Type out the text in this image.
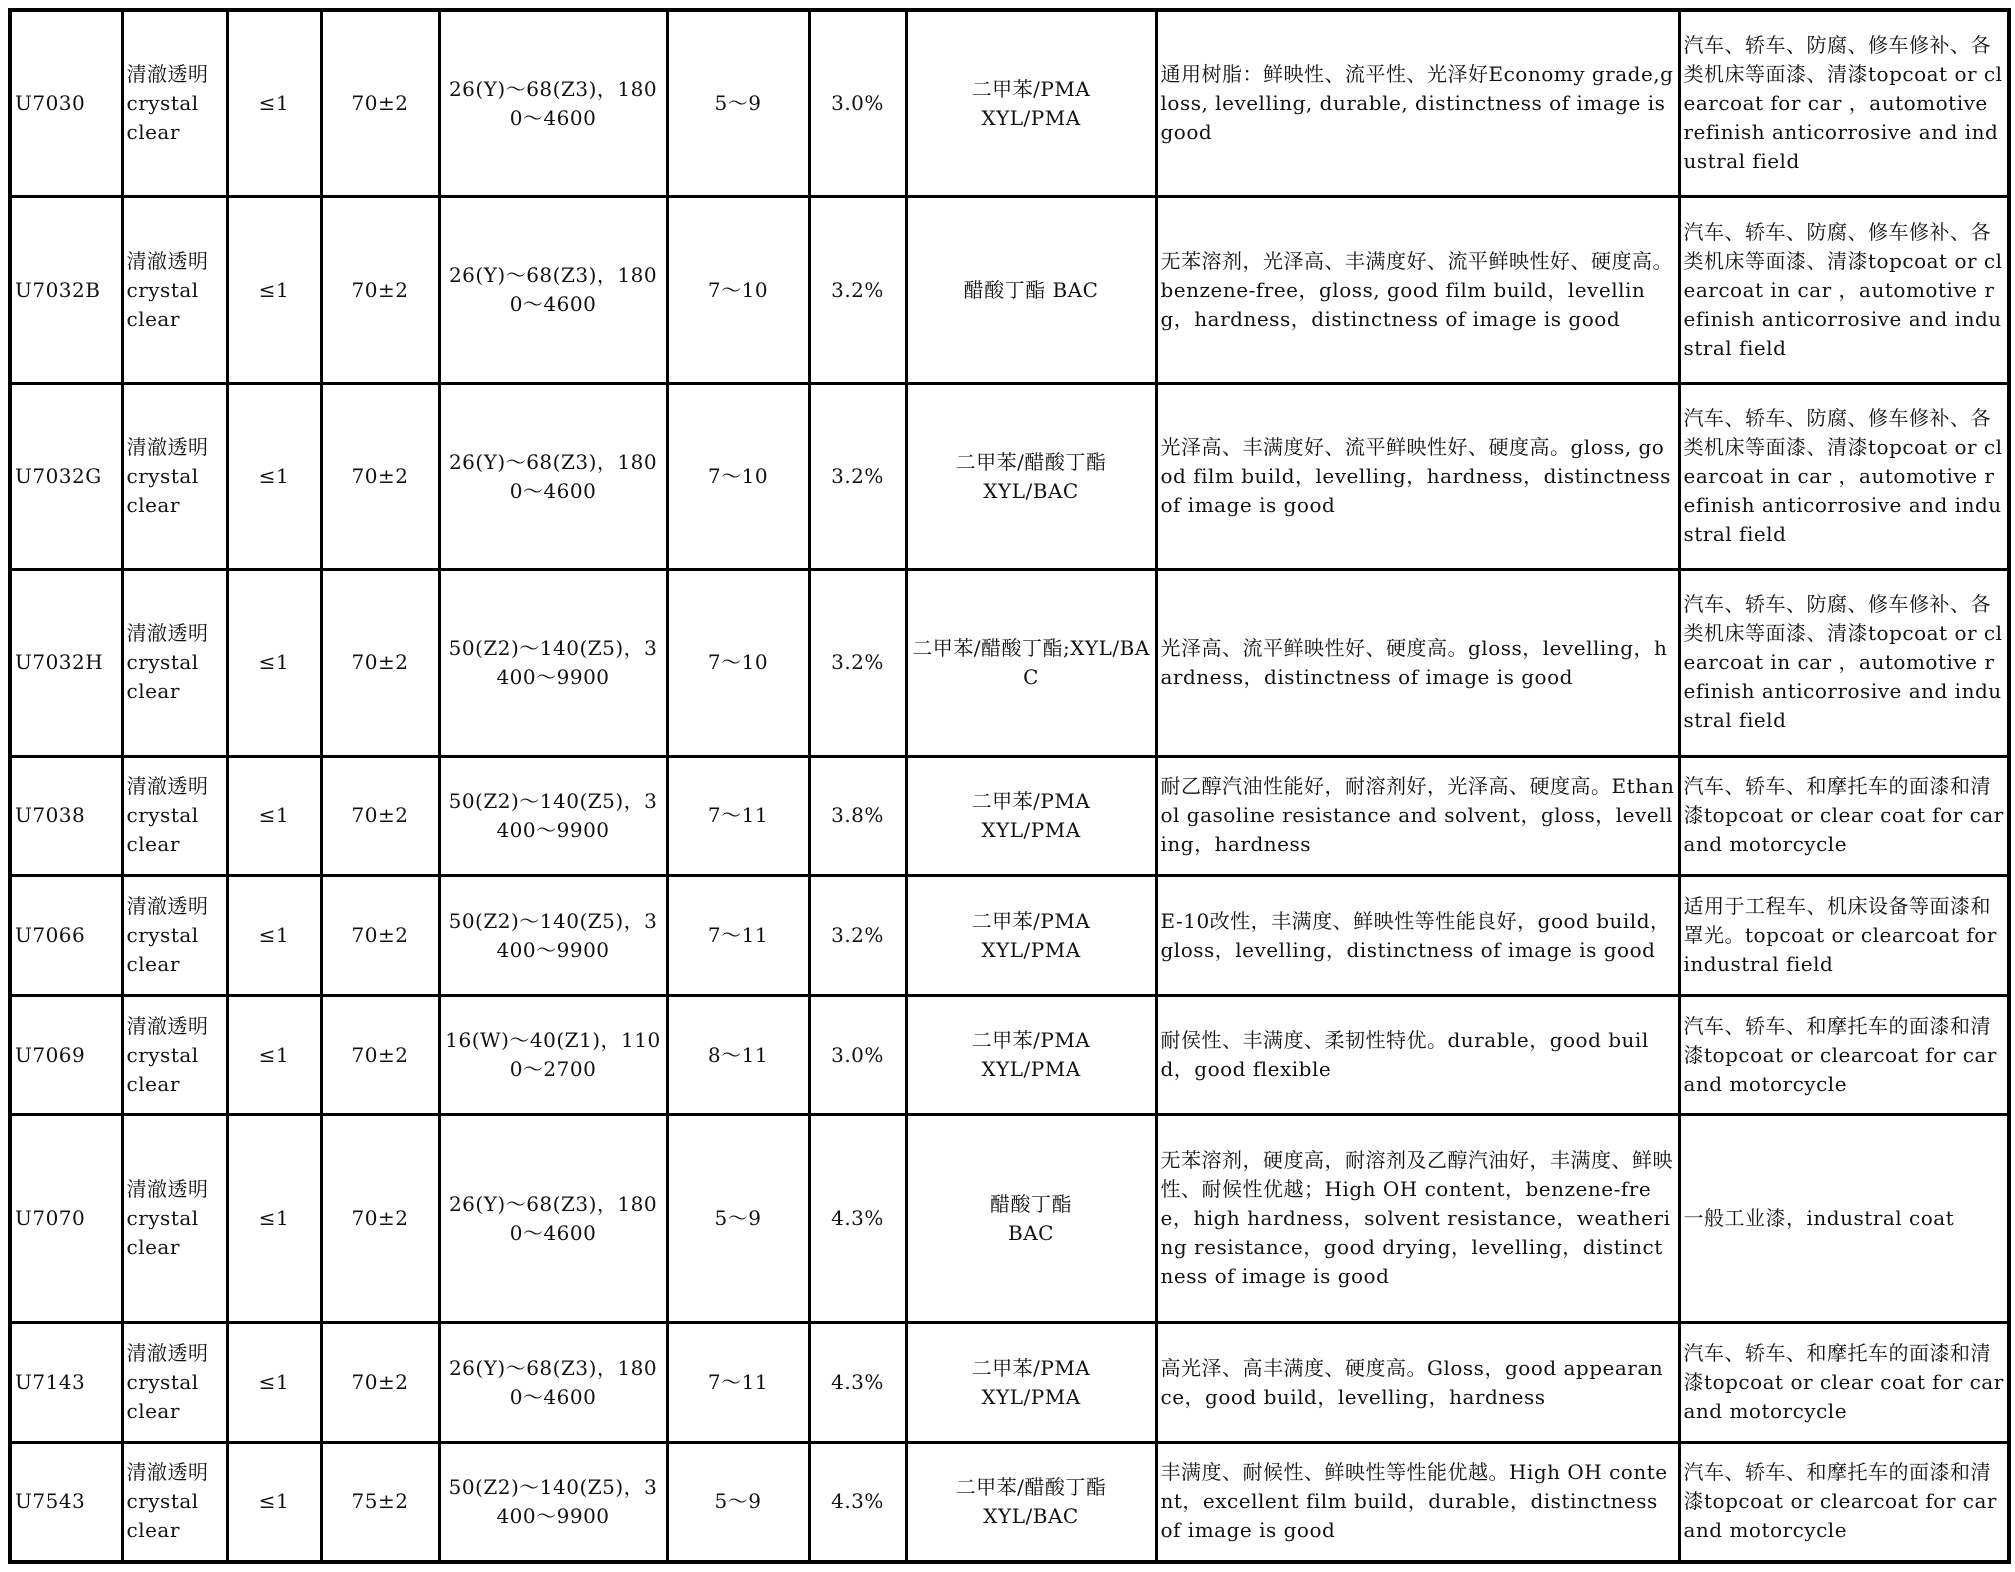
U7030	清澈透明
crystal
clear	≤1	70±2	26(Y)～68(Z3)，1800～4600	5～9	3.0%	二甲苯/PMA
XYL/PMA	通用树脂：鲜映性、流平性、光泽好Economy grade,gloss, levelling, durable, distinctness of image is good	汽车、轿车、防腐、修车修补、各类机床等面漆、清漆topcoat or clearcoat for car ，automotive refinish anticorrosive and industral field
U7032B	清澈透明
crystal
clear	≤1	70±2	26(Y)～68(Z3)，1800～4600	7～10	3.2%	醋酸丁酯 BAC	无苯溶剂，光泽高、丰满度好、流平鲜映性好、硬度高。benzene-free，gloss, good film build，levelling，hardness，distinctness of image is good	汽车、轿车、防腐、修车修补、各类机床等面漆、清漆topcoat or clearcoat in car ，automotive refinish anticorrosive and industral field
U7032G	清澈透明
crystal
clear	≤1	70±2	26(Y)～68(Z3)，1800～4600	7～10	3.2%	二甲苯/醋酸丁酯
XYL/BAC	光泽高、丰满度好、流平鲜映性好、硬度高。gloss, good film build，levelling，hardness，distinctness of image is good	汽车、轿车、防腐、修车修补、各类机床等面漆、清漆topcoat or clearcoat in car ，automotive refinish anticorrosive and industral field
U7032H	清澈透明
crystal
clear	≤1	70±2	50(Z2)～140(Z5)，3400～9900	7～10	3.2%	二甲苯/醋酸丁酯;XYL/BAC	光泽高、流平鲜映性好、硬度高。gloss，levelling，hardness，distinctness of image is good	汽车、轿车、防腐、修车修补、各类机床等面漆、清漆topcoat or clearcoat in car ，automotive refinish anticorrosive and industral field
U7038	清澈透明
crystal
clear	≤1	70±2	50(Z2)～140(Z5)，3400～9900	7～11	3.8%	二甲苯/PMA
XYL/PMA	耐乙醇汽油性能好，耐溶剂好，光泽高、硬度高。Ethanol gasoline resistance and solvent，gloss，levelling，hardness	汽车、轿车、和摩托车的面漆和清漆topcoat or clear coat for car and motorcycle
U7066	清澈透明
crystal
clear	≤1	70±2	50(Z2)～140(Z5)，3400～9900	7～11	3.2%	二甲苯/PMA
XYL/PMA	E-10改性，丰满度、鲜映性等性能良好，good build，gloss，levelling，distinctness of image is good	适用于工程车、机床设备等面漆和罩光。topcoat or clearcoat for industral field
U7069	清澈透明
crystal
clear	≤1	70±2	16(W)～40(Z1)，1100～2700	8～11	3.0%	二甲苯/PMA
XYL/PMA	耐侯性、丰满度、柔韧性特优。durable，good build，good flexible	汽车、轿车、和摩托车的面漆和清漆topcoat or clearcoat for car and motorcycle
U7070	清澈透明
crystal
clear	≤1	70±2	26(Y)～68(Z3)，1800～4600	5～9	4.3%	醋酸丁酯
BAC	无苯溶剂，硬度高，耐溶剂及乙醇汽油好，丰满度、鲜映性、耐候性优越；High OH content，benzene-free，high hardness，solvent resistance，weathering resistance，good drying，levelling，distinctness of image is good	一般工业漆，industral coat
U7143	清澈透明
crystal
clear	≤1	70±2	26(Y)～68(Z3)，1800～4600	7～11	4.3%	二甲苯/PMA
XYL/PMA	高光泽、高丰满度、硬度高。Gloss，good appearance，good build，levelling，hardness	汽车、轿车、和摩托车的面漆和清漆topcoat or clear coat for car and motorcycle
U7543	清澈透明
crystal
clear	≤1	75±2	50(Z2)～140(Z5)，3400～9900	5～9	4.3%	二甲苯/醋酸丁酯
XYL/BAC	丰满度、耐候性、鲜映性等性能优越。High OH content，excellent film build，durable，distinctness of image is good	汽车、轿车、和摩托车的面漆和清漆topcoat or clearcoat for car and motorcycle
